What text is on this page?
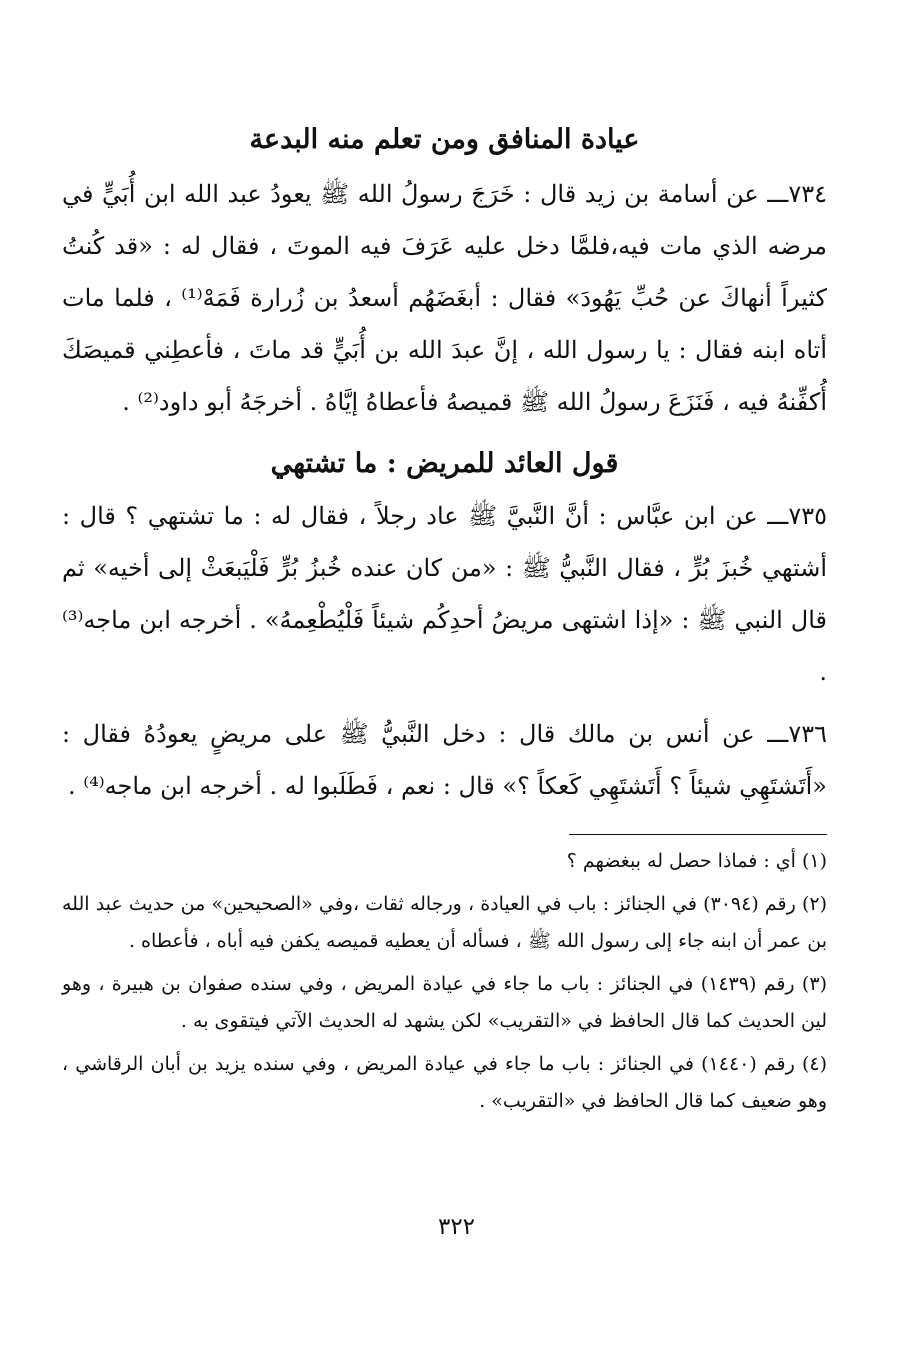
عيادة المنافق ومن تعلم منه البدعة

٧٣٤ـــ عن أسامة بن زيد قال : خَرَجَ رسولُ الله ﷺ يعودُ عبد الله ابن أُبَيٍّ في مرضه الذي مات فيه،فلمَّا دخل عليه عَرَفَ فيه الموتَ ، فقال له : «قد كُنتُ كثيراً أنهاكَ عن حُبِّ يَهُودَ» فقال : أبغَضَهُم أسعدُ بن زُرارة فَمَهْ⁽¹⁾ ، فلما مات أتاه ابنه فقال : يا رسول الله ، إنَّ عبدَ الله بن أُبَيٍّ قد ماتَ ، فأعطِني قميصَكَ أُكفِّنهُ فيه ، فَنَزَعَ رسولُ الله ﷺ قميصهُ فأعطاهُ إيَّاهُ . أخرجَهُ أبو داود⁽²⁾ .

قول العائد للمريض : ما تشتهي

٧٣٥ـــ عن ابن عبَّاس : أنَّ النَّبيَّ ﷺ عاد رجلاً ، فقال له : ما تشتهي ؟ قال : أشتهي خُبزَ بُرٍّ ، فقال النَّبيُّ ﷺ : «من كان عنده خُبزُ بُرٍّ فَلْيَبعَثْ إلى أخيه» ثم قال النبي ﷺ : «إذا اشتهى مريضُ أحدِكُم شيئاً فَلْيُطْعِمهُ» . أخرجه ابن ماجه⁽³⁾ .

٧٣٦ـــ عن أنس بن مالك قال : دخل النَّبيُّ ﷺ على مريضٍ يعودُهُ فقال : «أَتَشتَهِي شيئاً ؟ أَتَشتَهِي كَعكاً ؟» قال : نعم ، فَطَلَبوا له . أخرجه ابن ماجه⁽⁴⁾ .

(١) أي : فماذا حصل له ببغضهم ؟

(٢) رقم (٣٠٩٤) في الجنائز : باب في العيادة ، ورجاله ثقات ،وفي «الصحيحين» من حديث عبد الله بن عمر أن ابنه جاء إلى رسول الله ﷺ ، فسأله أن يعطيه قميصه يكفن فيه أباه ، فأعطاه .

(٣) رقم (١٤٣٩) في الجنائز : باب ما جاء في عيادة المريض ، وفي سنده صفوان بن هبيرة ، وهو لين الحديث كما قال الحافظ في «التقريب» لكن يشهد له الحديث الآتي فيتقوى به .

(٤) رقم (١٤٤٠) في الجنائز : باب ما جاء في عيادة المريض ، وفي سنده يزيد بن أبان الرقاشي ، وهو ضعيف كما قال الحافظ في «التقريب» .

٣٢٢
